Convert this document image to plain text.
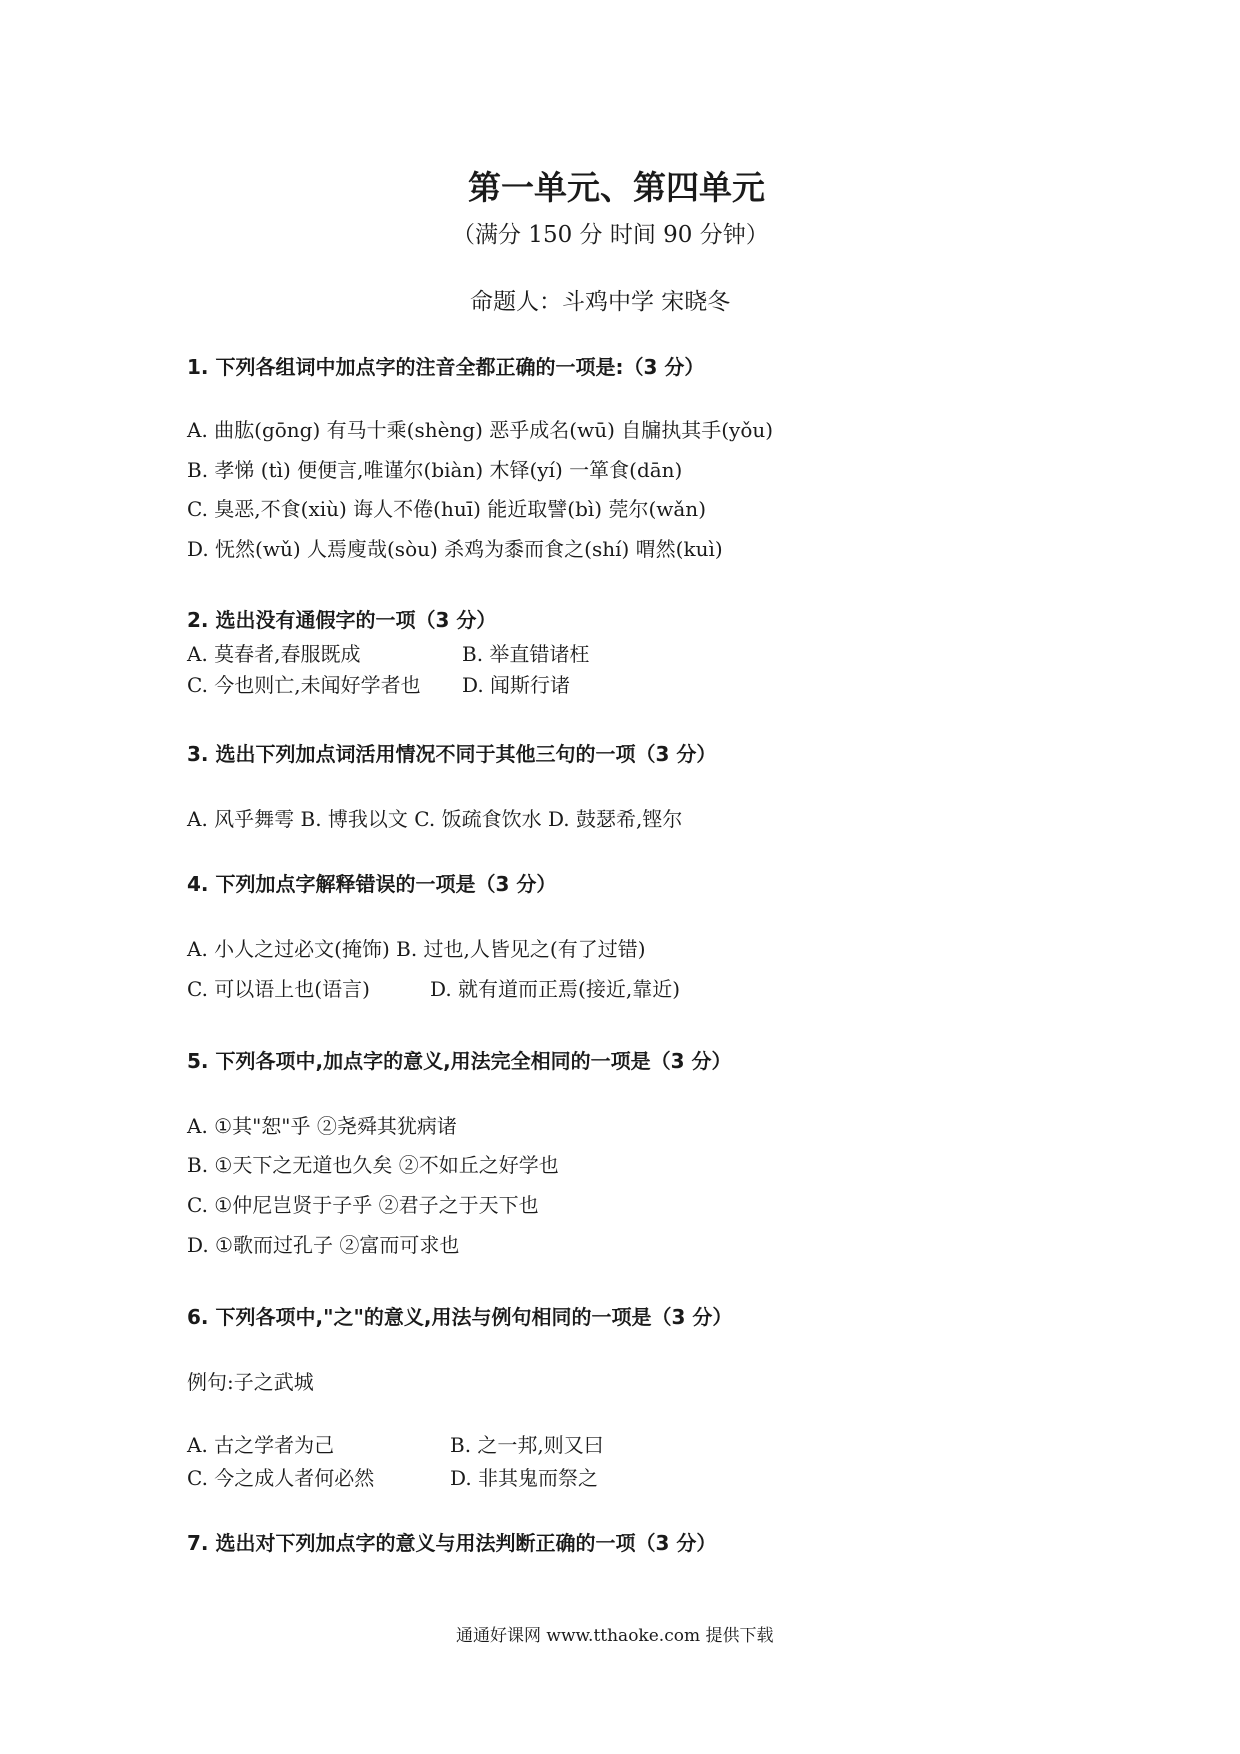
第一单元、第四单元
（满分 150 分 时间 90 分钟）
命题人：斗鸡中学 宋晓冬
1. 下列各组词中加点字的注音全都正确的一项是:（3 分）
A. 曲肱(gōng) 有马十乘(shèng) 恶乎成名(wū) 自牖执其手(yǒu)
B. 孝悌 (tì) 便便言,唯谨尔(biàn) 木铎(yí) 一箪食(dān)
C. 臭恶,不食(xiù) 诲人不倦(huī) 能近取譬(bì) 莞尔(wǎn)
D. 怃然(wǔ) 人焉廋哉(sòu) 杀鸡为黍而食之(shí) 喟然(kuì)
2. 选出没有通假字的一项（3 分）
A. 莫春者,春服既成	B. 举直错诸枉
C. 今也则亡,未闻好学者也 D. 闻斯行诸
3. 选出下列加点词活用情况不同于其他三句的一项（3 分）
A. 风乎舞雩 B. 博我以文 C. 饭疏食饮水 D. 鼓瑟希,铿尔
4. 下列加点字解释错误的一项是（3 分）
A. 小人之过必文(掩饰) B. 过也,人皆见之(有了过错)
C. 可以语上也(语言)	D. 就有道而正焉(接近,靠近)
5. 下列各项中,加点字的意义,用法完全相同的一项是（3 分）
A. ①其"恕"乎 ②尧舜其犹病诸
B. ①天下之无道也久矣 ②不如丘之好学也
C. ①仲尼岂贤于子乎 ②君子之于天下也
D. ①歌而过孔子 ②富而可求也
6. 下列各项中,"之"的意义,用法与例句相同的一项是（3 分）
例句:子之武城
A. 古之学者为己	B. 之一邦,则又曰
C. 今之成人者何必然	D. 非其鬼而祭之
7. 选出对下列加点字的意义与用法判断正确的一项（3 分）
通通好课网 www.tthaoke.com 提供下载
